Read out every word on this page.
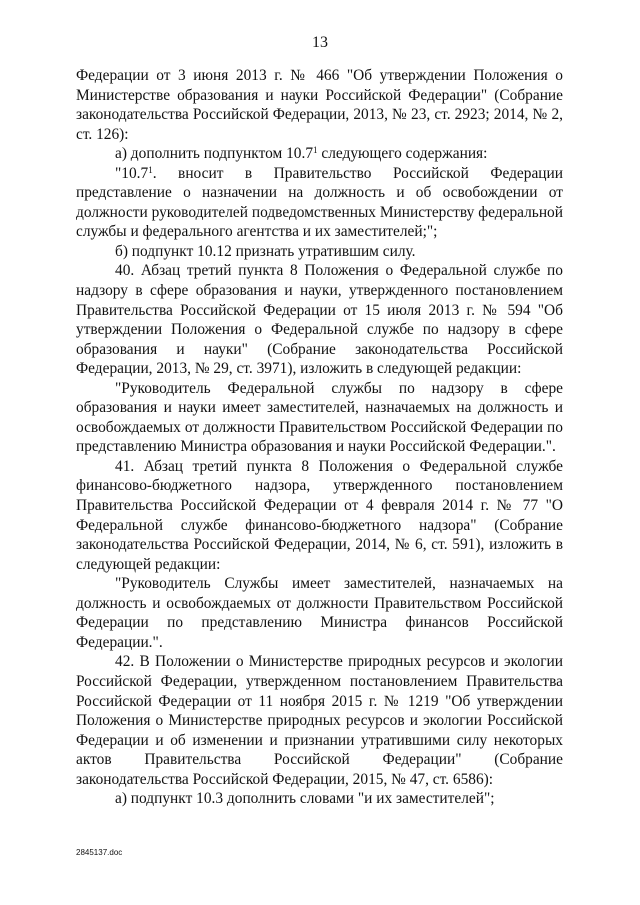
13

Федерации от 3 июня 2013 г. № 466 "Об утверждении Положения о Министерстве образования и науки Российской Федерации" (Собрание законодательства Российской Федерации, 2013, № 23, ст. 2923; 2014, № 2, ст. 126):

а) дополнить подпунктом 10.7$^1$ следующего содержания:

"10.7$^1$. вносит в Правительство Российской Федерации представление о назначении на должность и об освобождении от должности руководителей подведомственных Министерству федеральной службы и федерального агентства и их заместителей;";

б) подпункт 10.12 признать утратившим силу.

40. Абзац третий пункта 8 Положения о Федеральной службе по надзору в сфере образования и науки, утвержденного постановлением Правительства Российской Федерации от 15 июля 2013 г. № 594 "Об утверждении Положения о Федеральной службе по надзору в сфере образования и науки" (Собрание законодательства Российской Федерации, 2013, № 29, ст. 3971), изложить в следующей редакции:

"Руководитель Федеральной службы по надзору в сфере образования и науки имеет заместителей, назначаемых на должность и освобождаемых от должности Правительством Российской Федерации по представлению Министра образования и науки Российской Федерации.".

41. Абзац третий пункта 8 Положения о Федеральной службе финансово-бюджетного надзора, утвержденного постановлением Правительства Российской Федерации от 4 февраля 2014 г. № 77 "О Федеральной службе финансово-бюджетного надзора" (Собрание законодательства Российской Федерации, 2014, № 6, ст. 591), изложить в следующей редакции:

"Руководитель Службы имеет заместителей, назначаемых на должность и освобождаемых от должности Правительством Российской Федерации по представлению Министра финансов Российской Федерации.".

42. В Положении о Министерстве природных ресурсов и экологии Российской Федерации, утвержденном постановлением Правительства Российской Федерации от 11 ноября 2015 г. № 1219 "Об утверждении Положения о Министерстве природных ресурсов и экологии Российской Федерации и об изменении и признании утратившими силу некоторых актов Правительства Российской Федерации" (Собрание законодательства Российской Федерации, 2015, № 47, ст. 6586):

а) подпункт 10.3 дополнить словами "и их заместителей";

2845137.doc
